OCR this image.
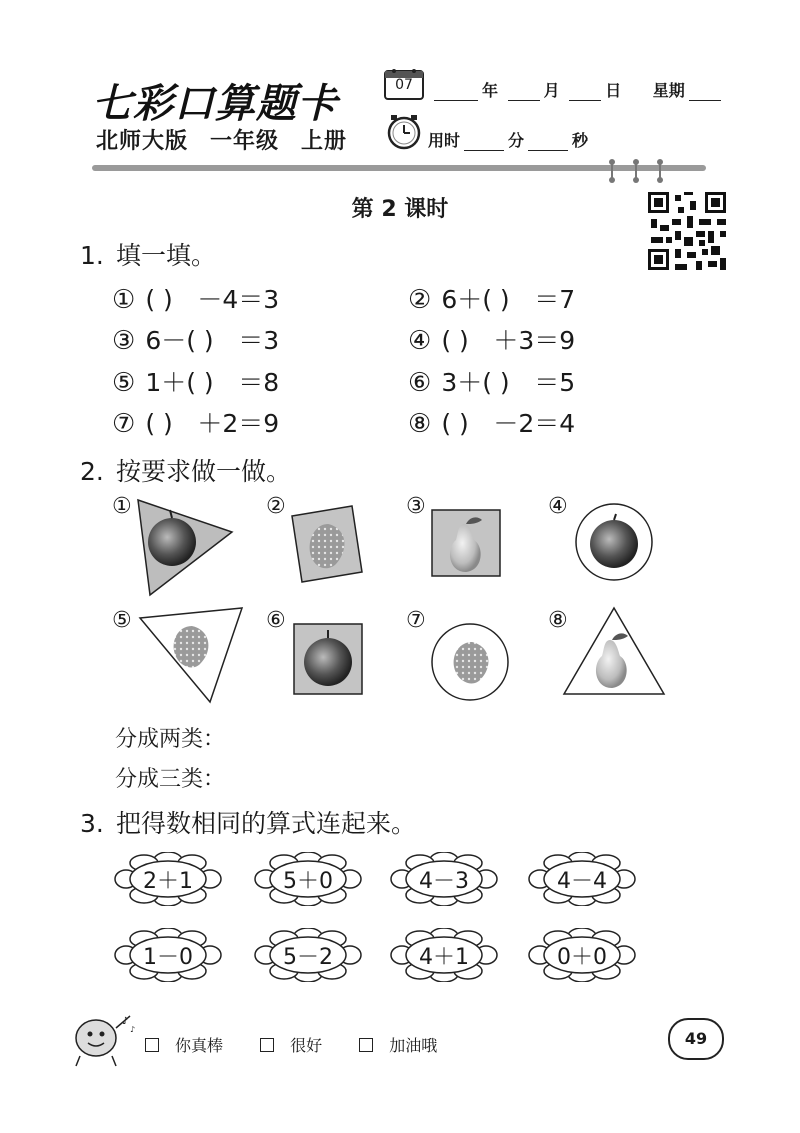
七彩口算题卡	07	年	月	日 星期
北师大版 一年级 上册	用时	分	秒
第 2 课时
1. 填一填。
① ( ) －4＝3	② 6＋( ) ＝7
③ 6－( ) ＝3	④ ( ) ＋3＝9
⑤ 1＋( ) ＝8	⑥ 3＋( ) ＝5
⑦ ( ) ＋2＝9	⑧ ( ) －2＝4
2. 按要求做一做。
①	②	③	④
⑤	⑥	⑦	⑧
分成两类：
分成三类：
3. 把得数相同的算式连起来。
2＋1	5＋0	4－3	4－4
1－0	5－2	4＋1	0＋0
♪
♪
你真棒	很好	加油哦	49
